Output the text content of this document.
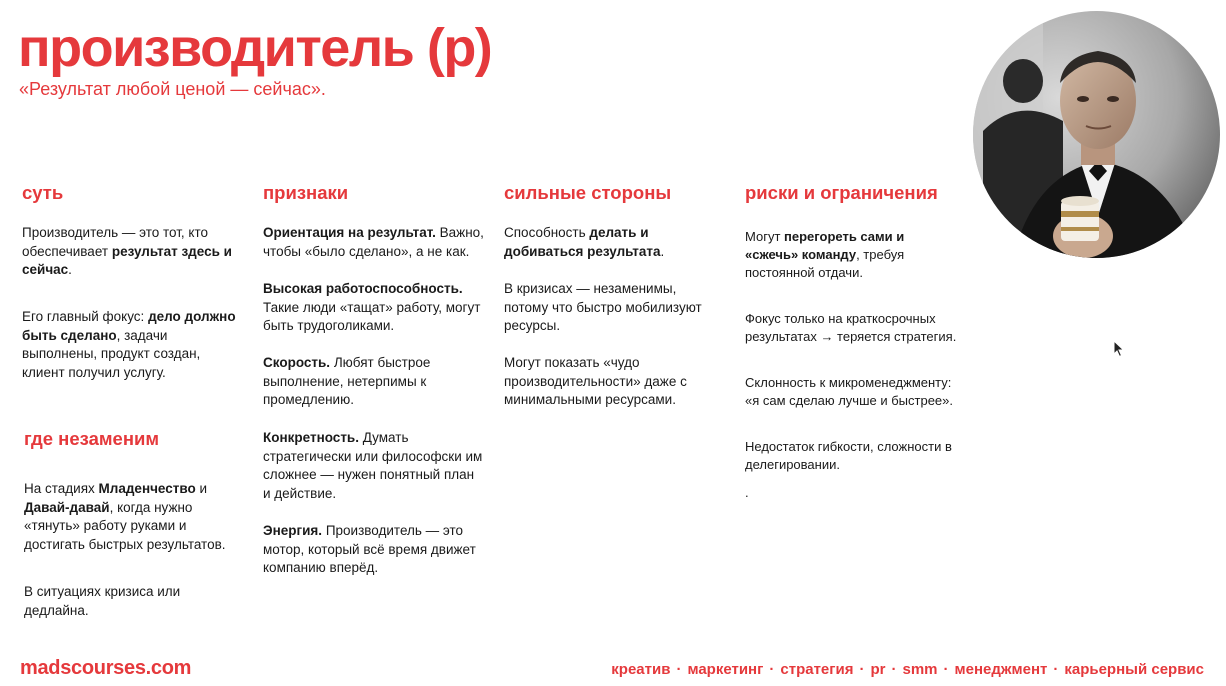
производитель (p)

«Результат любой ценой — сейчас».

суть

Производитель — это тот, кто обеспечивает результат здесь и сейчас.

Его главный фокус: дело должно быть сделано, задачи выполнены, продукт создан, клиент получил услугу.

где незаменим

На стадиях Младенчество и Давай-давай, когда нужно «тянуть» работу руками и достигать быстрых результатов.

В ситуациях кризиса или дедлайна.

признаки

Ориентация на результат. Важно, чтобы «было сделано», а не как.

Высокая работоспособность. Такие люди «тащат» работу, могут быть трудоголиками.

Скорость. Любят быстрое выполнение, нетерпимы к промедлению.

Конкретность. Думать стратегически или философски им сложнее — нужен понятный план и действие.

Энергия. Производитель — это мотор, который всё время движет компанию вперёд.

сильные стороны

Способность делать и добиваться результата.

В кризисах — незаменимы, потому что быстро мобилизуют ресурсы.

Могут показать «чудо производительности» даже с минимальными ресурсами.

риски и ограничения

Могут перегореть сами и «сжечь» команду, требуя постоянной отдачи.

Фокус только на краткосрочных результатах → теряется стратегия.

Склонность к микроменеджменту: «я сам сделаю лучше и быстрее».

Недостаток гибкости, сложности в делегировании.

.

madscourses.com	креатив · маркетинг · стратегия · pr · smm · менеджмент · карьерный сервис
